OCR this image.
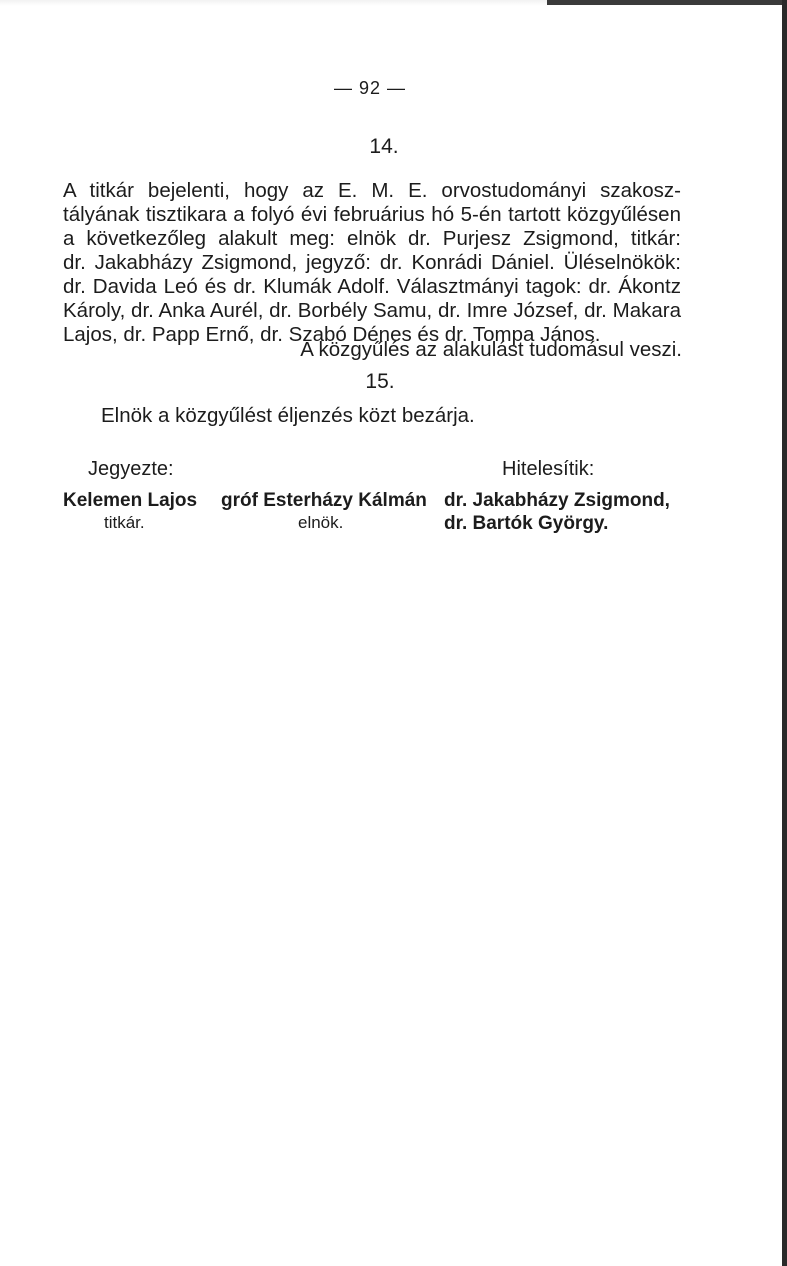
— 92 —
14.
A titkár bejelenti, hogy az E. M. E. orvostudományi szakosz-
tályának tisztikara a folyó évi februárius hó 5-én tartott közgyűlésen
a következőleg alakult meg: elnök dr. Purjesz Zsigmond, titkár:
dr. Jakabházy Zsigmond, jegyző: dr. Konrádi Dániel. Üléselnökök:
dr. Davida Leó és dr. Klumák Adolf. Választmányi tagok: dr. Ákontz
Károly, dr. Anka Aurél, dr. Borbély Samu, dr. Imre József, dr. Makara
Lajos, dr. Papp Ernő, dr. Szabó Dénes és dr. Tompa János.
A közgyűlés az alakulást tudomásul veszi.
15.
Elnök a közgyűlést éljenzés közt bezárja.
Jegyezte:	Hitelesítik:
Kelemen Lajos
titkár.
gróf Esterházy Kálmán
elnök.
dr. Jakabházy Zsigmond,
dr. Bartók György.
